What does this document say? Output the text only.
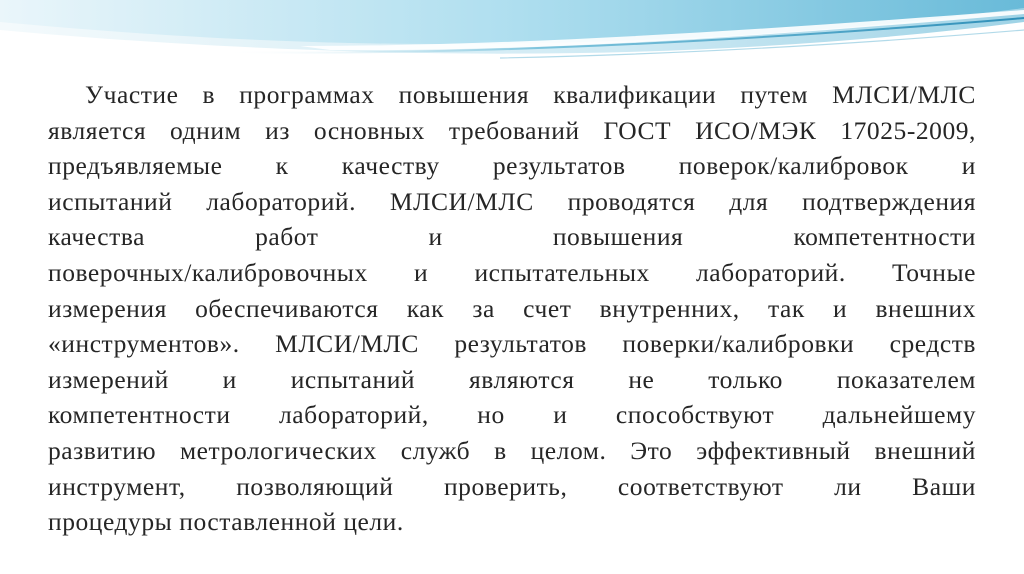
Участие в программах повышения квалификации путем МЛСИ/МЛС
является одним из основных требований ГОСТ ИСО/МЭК 17025-2009,
предъявляемые к качеству результатов поверок/калибровок и
испытаний лабораторий. МЛСИ/МЛС проводятся для подтверждения
качества работ и повышения компетентности
поверочных/калибровочных и испытательных лабораторий. Точные
измерения обеспечиваются как за счет внутренних, так и внешних
«инструментов». МЛСИ/МЛС результатов поверки/калибровки средств
измерений и испытаний являются не только показателем
компетентности лабораторий, но и способствуют дальнейшему
развитию метрологических служб в целом. Это эффективный внешний
инструмент, позволяющий проверить, соответствуют ли Ваши
процедуры поставленной цели.
